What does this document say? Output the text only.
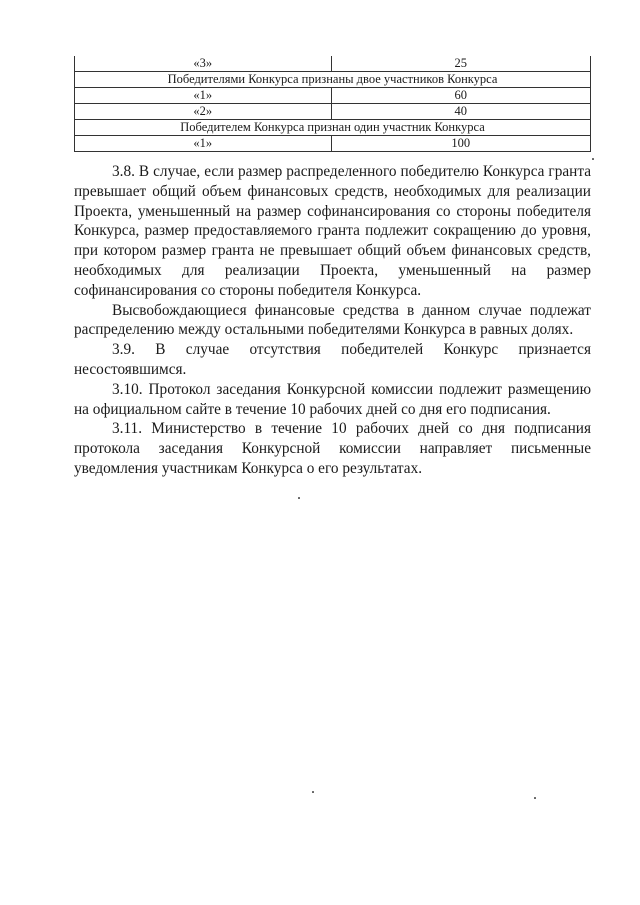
«3»	25
Победителями Конкурса признаны двое участников Конкурса	
«1»	60
«2»	40
Победителем Конкурса признан один участник Конкурса	
«1»	100

3.8. В случае, если размер распределенного победителю Конкурса гранта превышает общий объем финансовых средств, необходимых для реализации Проекта, уменьшенный на размер софинансирования со стороны победителя Конкурса, размер предоставляемого гранта подлежит сокращению до уровня, при котором размер гранта не превышает общий объем финансовых средств, необходимых для реализации Проекта, уменьшенный на размер софинансирования со стороны победителя Конкурса.

Высвобождающиеся финансовые средства в данном случае подлежат распределению между остальными победителями Конкурса в равных долях.

3.9. В случае отсутствия победителей Конкурс признается несостоявшимся.

3.10. Протокол заседания Конкурсной комиссии подлежит размещению на официальном сайте в течение 10 рабочих дней со дня его подписания.

3.11. Министерство в течение 10 рабочих дней со дня подписания протокола заседания Конкурсной комиссии направляет письменные уведомления участникам Конкурса о его результатах.
